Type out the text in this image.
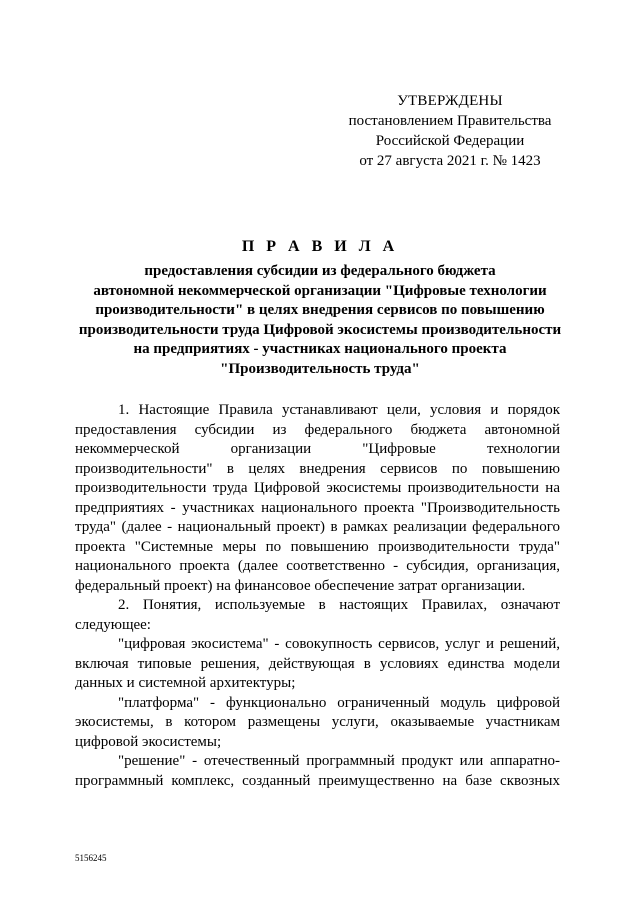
УТВЕРЖДЕНЫ
постановлением Правительства
Российской Федерации
от 27 августа 2021 г. № 1423
П Р А В И Л А
предоставления субсидии из федерального бюджета
автономной некоммерческой организации "Цифровые технологии
производительности" в целях внедрения сервисов по повышению
производительности труда Цифровой экосистемы производительности
на предприятиях - участниках национального проекта
"Производительность труда"
1. Настоящие Правила устанавливают цели, условия и порядок
предоставления субсидии из федерального бюджета автономной
некоммерческой организации "Цифровые технологии
производительности" в целях внедрения сервисов по повышению
производительности труда Цифровой экосистемы производительности на
предприятиях - участниках национального проекта "Производительность
труда" (далее - национальный проект) в рамках реализации федерального
проекта "Системные меры по повышению производительности труда"
национального проекта (далее соответственно - субсидия, организация,
федеральный проект) на финансовое обеспечение затрат организации.
2. Понятия, используемые в настоящих Правилах, означают
следующее:
"цифровая экосистема" - совокупность сервисов, услуг и решений,
включая типовые решения, действующая в условиях единства модели
данных и системной архитектуры;
"платформа" - функционально ограниченный модуль цифровой
экосистемы, в котором размещены услуги, оказываемые участникам
цифровой экосистемы;
"решение" - отечественный программный продукт или аппаратно-
программный комплекс, созданный преимущественно на базе сквозных
5156245
